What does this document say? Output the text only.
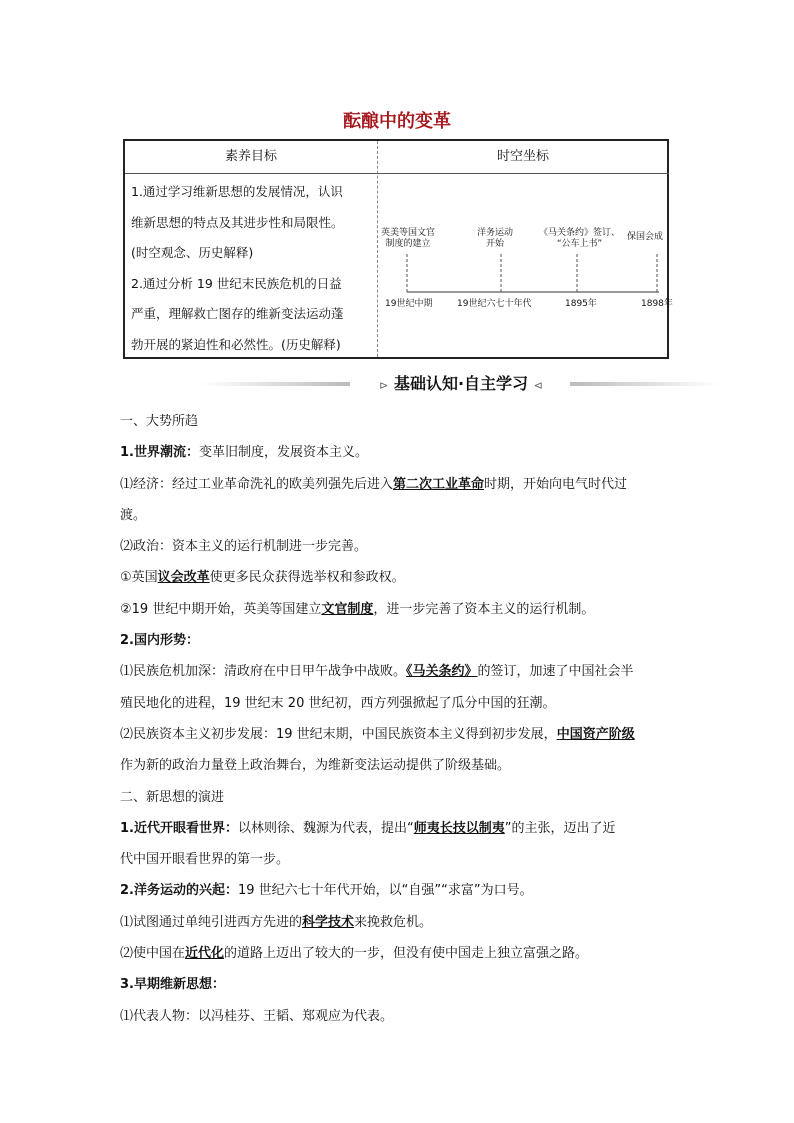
酝酿中的变革
素养目标	时空坐标
1.通过学习维新思想的发展情况，认识
维新思想的特点及其进步性和局限性。
(时空观念、历史解释)
2.通过分析 19 世纪末民族危机的日益
严重，理解救亡图存的维新变法运动蓬
勃开展的紧迫性和必然性。(历史解释)
英美等国文官
制度的建立
洋务运动
开始
《马关条约》签订、
“公车上书”
保国会成
19世纪中期	19世纪六七十年代	1895年	1898年
⊳ 基础认知·自主学习 ⊲

一、大势所趋

1.世界潮流：变革旧制度，发展资本主义。

⑴经济：经过工业革命洗礼的欧美列强先后进入第二次工业革命时期，开始向电气时代过

渡。

⑵政治：资本主义的运行机制进一步完善。

①英国议会改革使更多民众获得选举权和参政权。

②19 世纪中期开始，英美等国建立文官制度，进一步完善了资本主义的运行机制。

2.国内形势：

⑴民族危机加深：清政府在中日甲午战争中战败。《马关条约》的签订，加速了中国社会半

殖民地化的进程，19 世纪末 20 世纪初，西方列强掀起了瓜分中国的狂潮。

⑵民族资本主义初步发展：19 世纪末期，中国民族资本主义得到初步发展，中国资产阶级

作为新的政治力量登上政治舞台，为维新变法运动提供了阶级基础。

二、新思想的演进

1.近代开眼看世界：以林则徐、魏源为代表，提出“师夷长技以制夷”的主张，迈出了近

代中国开眼看世界的第一步。

2.洋务运动的兴起：19 世纪六七十年代开始，以“自强”“求富”为口号。

⑴试图通过单纯引进西方先进的科学技术来挽救危机。

⑵使中国在近代化的道路上迈出了较大的一步，但没有使中国走上独立富强之路。

3.早期维新思想：

⑴代表人物：以冯桂芬、王韬、郑观应为代表。
